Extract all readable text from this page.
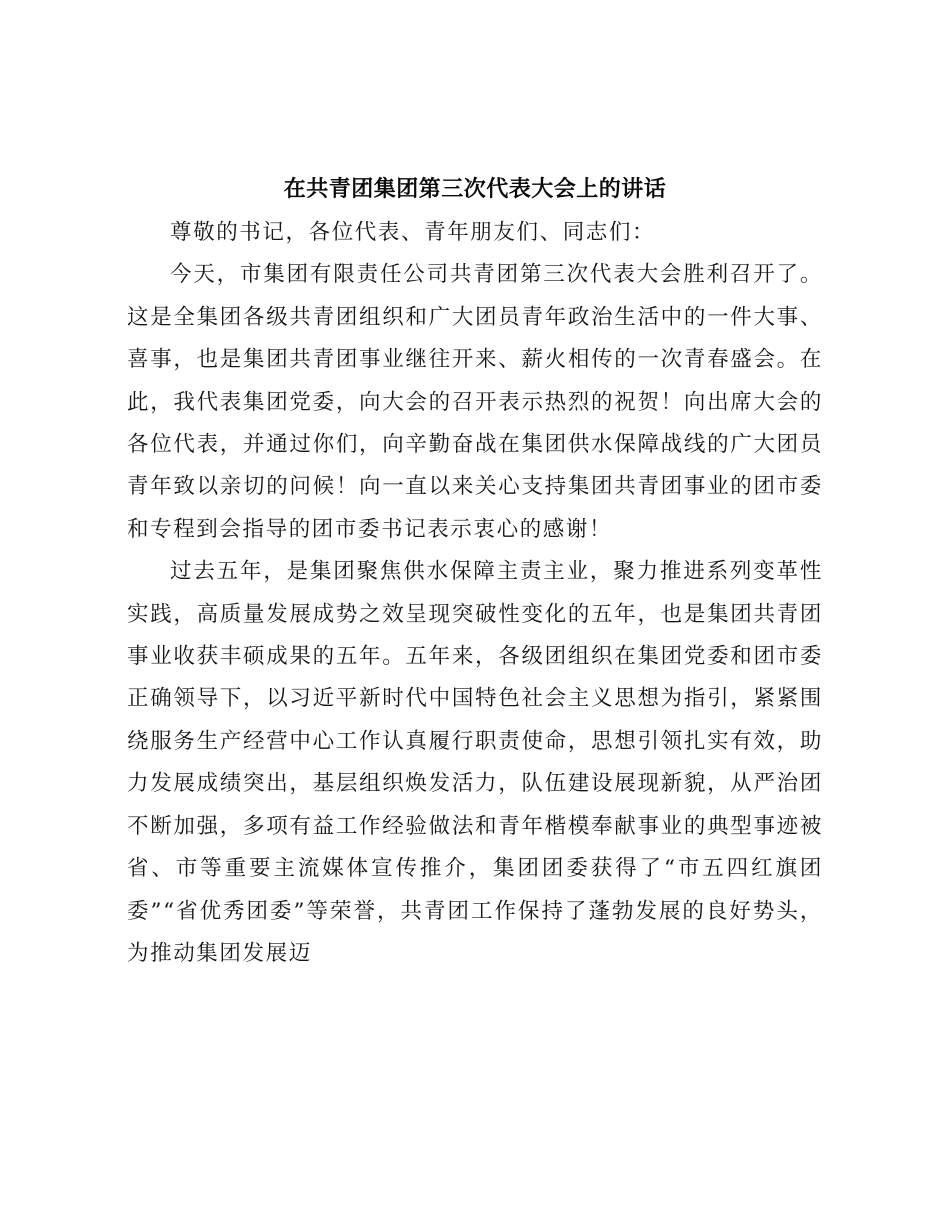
在共青团集团第三次代表大会上的讲话

尊敬的书记，各位代表、青年朋友们、同志们：

今天，市集团有限责任公司共青团第三次代表大会胜利召开了。这是全集团各级共青团组织和广大团员青年政治生活中的一件大事、喜事，也是集团共青团事业继往开来、薪火相传的一次青春盛会。在此，我代表集团党委，向大会的召开表示热烈的祝贺！向出席大会的各位代表，并通过你们，向辛勤奋战在集团供水保障战线的广大团员青年致以亲切的问候！向一直以来关心支持集团共青团事业的团市委和专程到会指导的团市委书记表示衷心的感谢！

过去五年，是集团聚焦供水保障主责主业，聚力推进系列变革性实践，高质量发展成势之效呈现突破性变化的五年，也是集团共青团事业收获丰硕成果的五年。五年来，各级团组织在集团党委和团市委正确领导下，以习近平新时代中国特色社会主义思想为指引，紧紧围绕服务生产经营中心工作认真履行职责使命，思想引领扎实有效，助力发展成绩突出，基层组织焕发活力，队伍建设展现新貌，从严治团不断加强，多项有益工作经验做法和青年楷模奉献事业的典型事迹被省、市等重要主流媒体宣传推介，集团团委获得了“市五四红旗团委”“省优秀团委”等荣誉，共青团工作保持了蓬勃发展的良好势头，为推动集团发展迈
